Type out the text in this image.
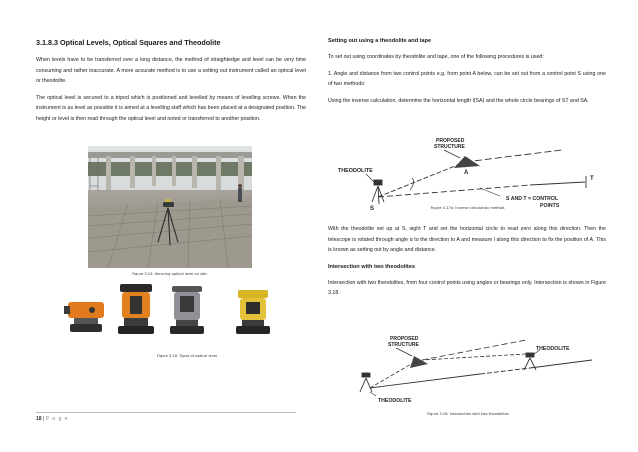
3.1.8.3 Optical Levels, Optical Squares and Theodolite

When levels have to be transferred over a long distance, the method of straightedge and level can be very time consuming and rather inaccurate. A more accurate method is to use a setting out instrument called an optical level or theodolite.

The optical level is secured to a tripod which is positioned and levelled by means of levelling screws. When the instrument is as level as possible it is aimed at a levelling staff which has been placed at a designated position. The height or level is then read through the optical level and noted or transferred to another position.

Figure 3.15: Securing optical level on site.
Figure 3.16: Types of optical level
Setting out using a theodolite and tape

To set out using coordinates by theodolite and tape, one of the following procedures is used:

1. Angle and distance from two control points e.g. from point A below, can be set out from a control point S using one of two methods:

Using the inverse calculation, determine the horizontal length l(SA) and the whole circle bearings of ST and SA.

THEODOLITE
PROPOSED
STRUCTURE
S
T
A
S AND T = CONTROL
POINTS
Figure 3.17a: Inverse calculation method.

With the theodolite set up at S, sight T and set the horizontal circle to read zero along this direction. Then the telescope is rotated through angle α to the direction to A and measure l along this direction to fix the position of A. This is known as setting out by angle and distance.

Intersection with two theodolites

Intersection with two theodolites, from four control points using angles or bearings only. Intersection is shown in Figure 3.18.

PROPOSED
STRUCTURE
THEODOLITE
THEODOLITE
Figure 3.18: Intersection with two theodolites
18 | P a g e
